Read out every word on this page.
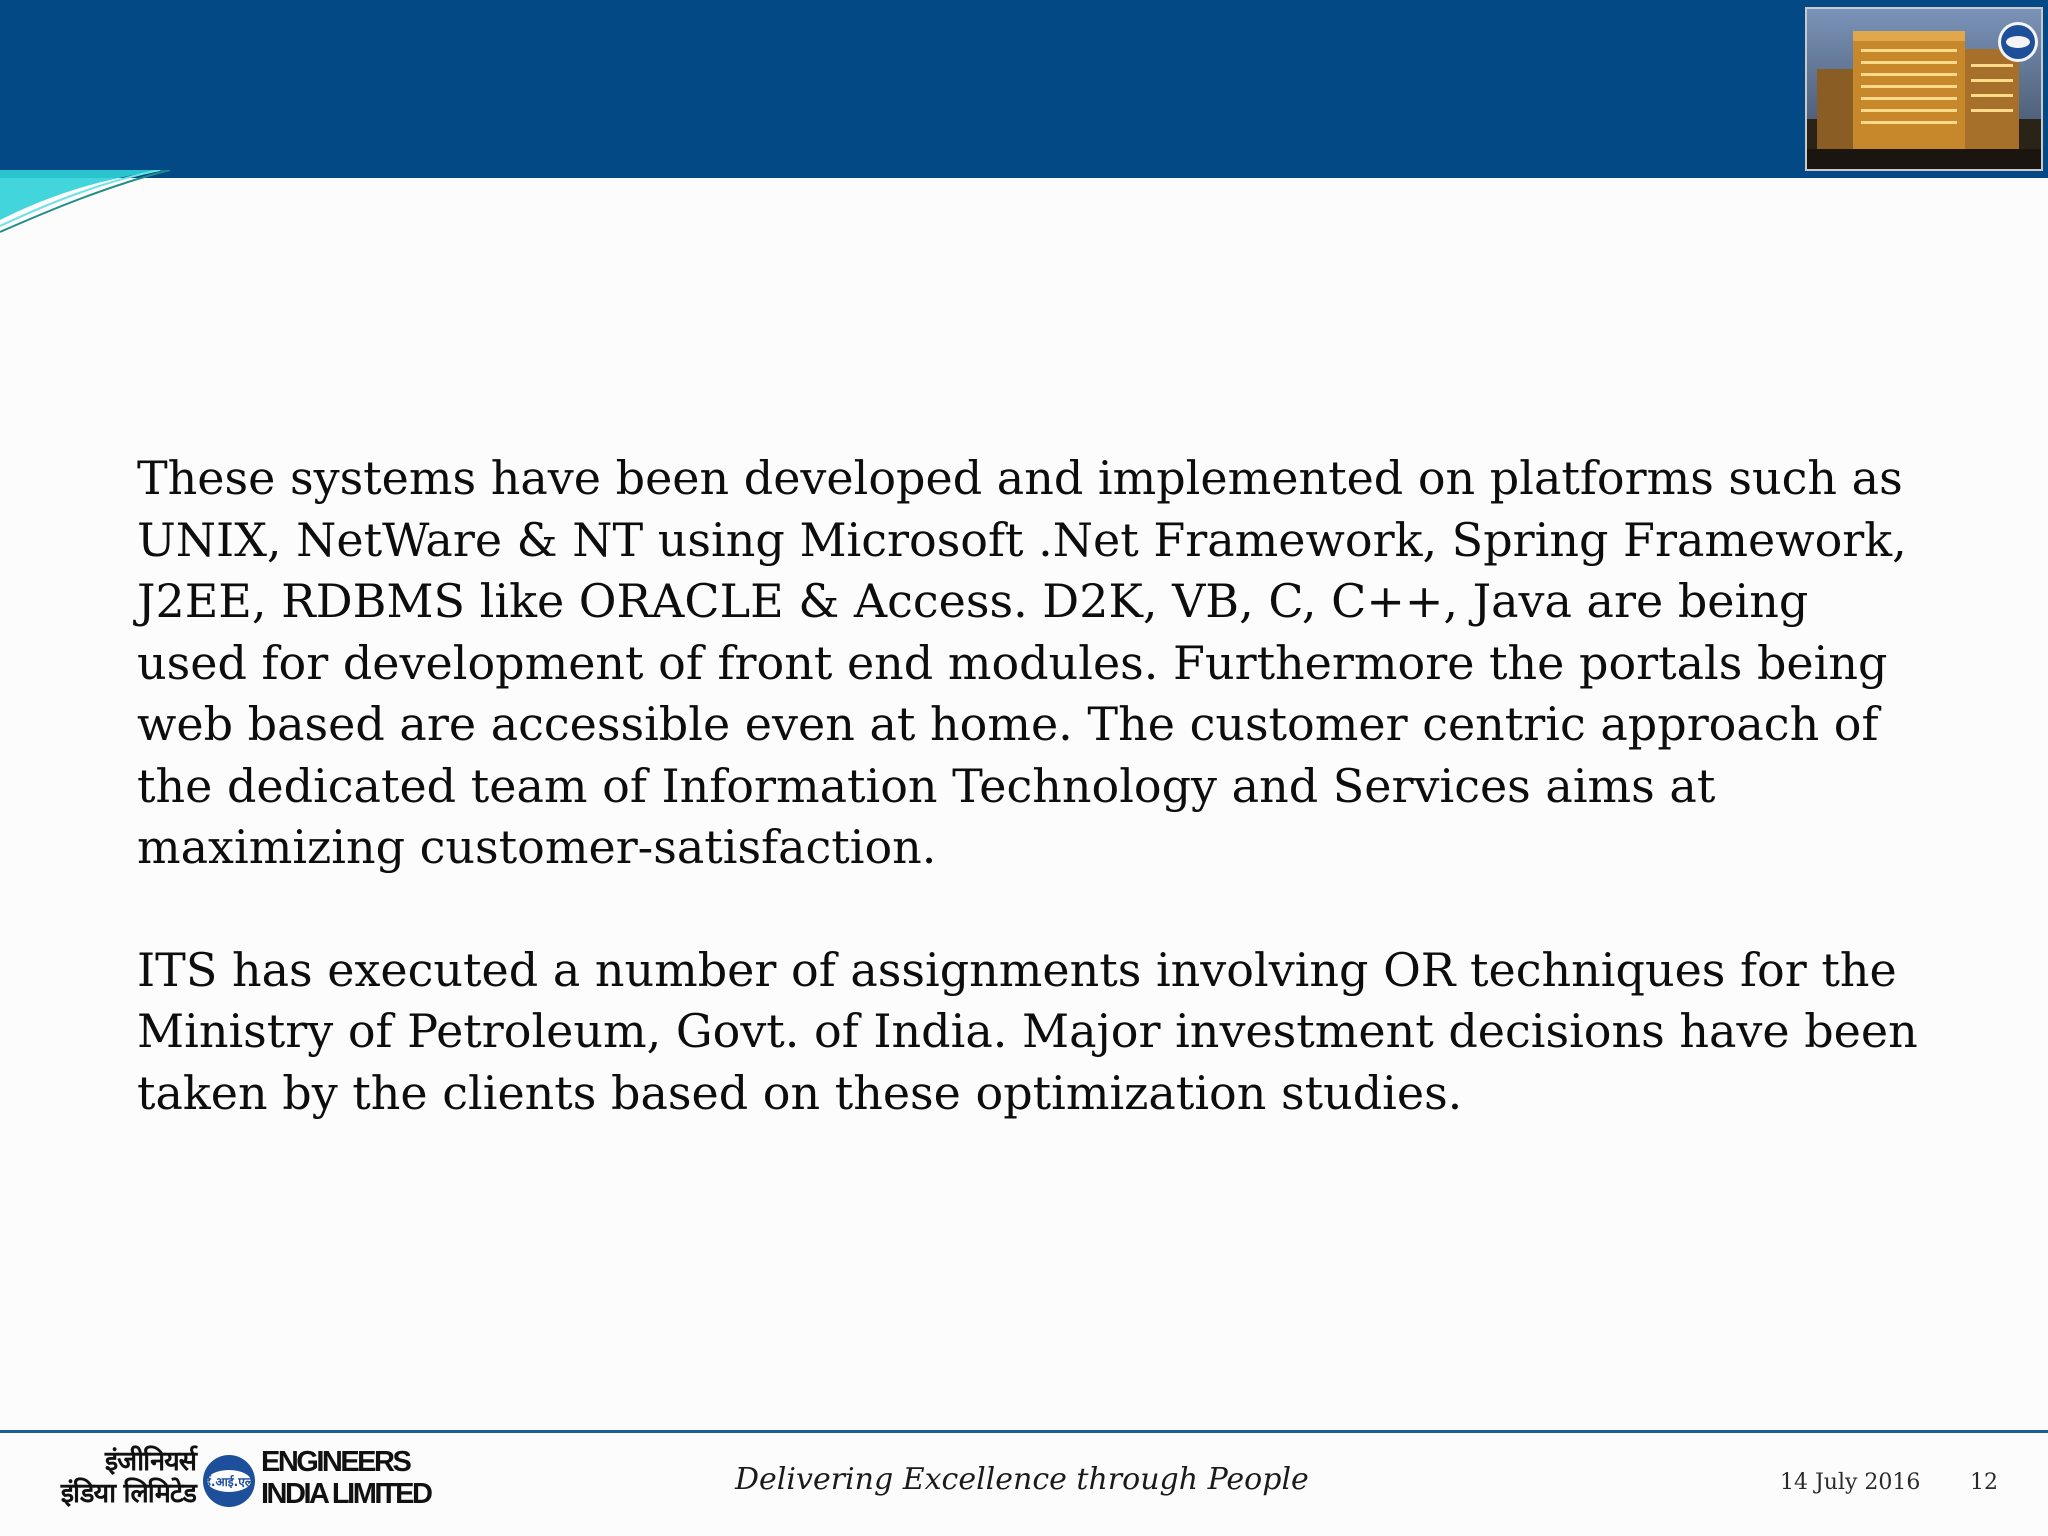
These systems have been developed and implemented on platforms such as UNIX, NetWare & NT using Microsoft .Net Framework, Spring Framework, J2EE, RDBMS like ORACLE & Access. D2K, VB, C, C++, Java are being used for development of front end modules. Furthermore the portals being web based are accessible even at home. The customer centric approach of the dedicated team of Information Technology and Services aims at maximizing customer-satisfaction.

ITS has executed a number of assignments involving OR techniques for the Ministry of Petroleum, Govt. of India. Major investment decisions have been taken by the clients based on these optimization studies.

इंजीनियर्स
इंडिया लिमिटेड ई.आई.एल
ENGINEERS
INDIA LIMITED	Delivering Excellence through People	14 July 2016 12
